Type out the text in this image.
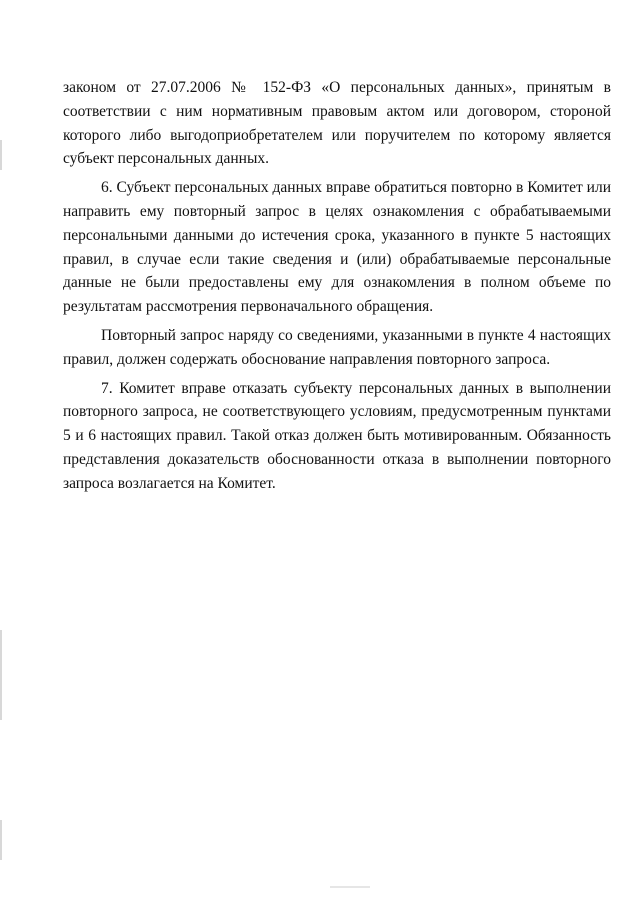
законом от 27.07.2006 № 152-ФЗ «О персональных данных», принятым в соответствии с ним нормативным правовым актом или договором, стороной которого либо выгодоприобретателем или поручителем по которому является субъект персональных данных.

6. Субъект персональных данных вправе обратиться повторно в Комитет или направить ему повторный запрос в целях ознакомления с обрабатываемыми персональными данными до истечения срока, указанного в пункте 5 настоящих правил, в случае если такие сведения и (или) обрабатываемые персональные данные не были предоставлены ему для ознакомления в полном объеме по результатам рассмотрения первоначального обращения.

Повторный запрос наряду со сведениями, указанными в пункте 4 настоящих правил, должен содержать обоснование направления повторного запроса.

7. Комитет вправе отказать субъекту персональных данных в выполнении повторного запроса, не соответствующего условиям, предусмотренным пунктами 5 и 6 настоящих правил. Такой отказ должен быть мотивированным. Обязанность представления доказательств обоснованности отказа в выполнении повторного запроса возлагается на Комитет.
